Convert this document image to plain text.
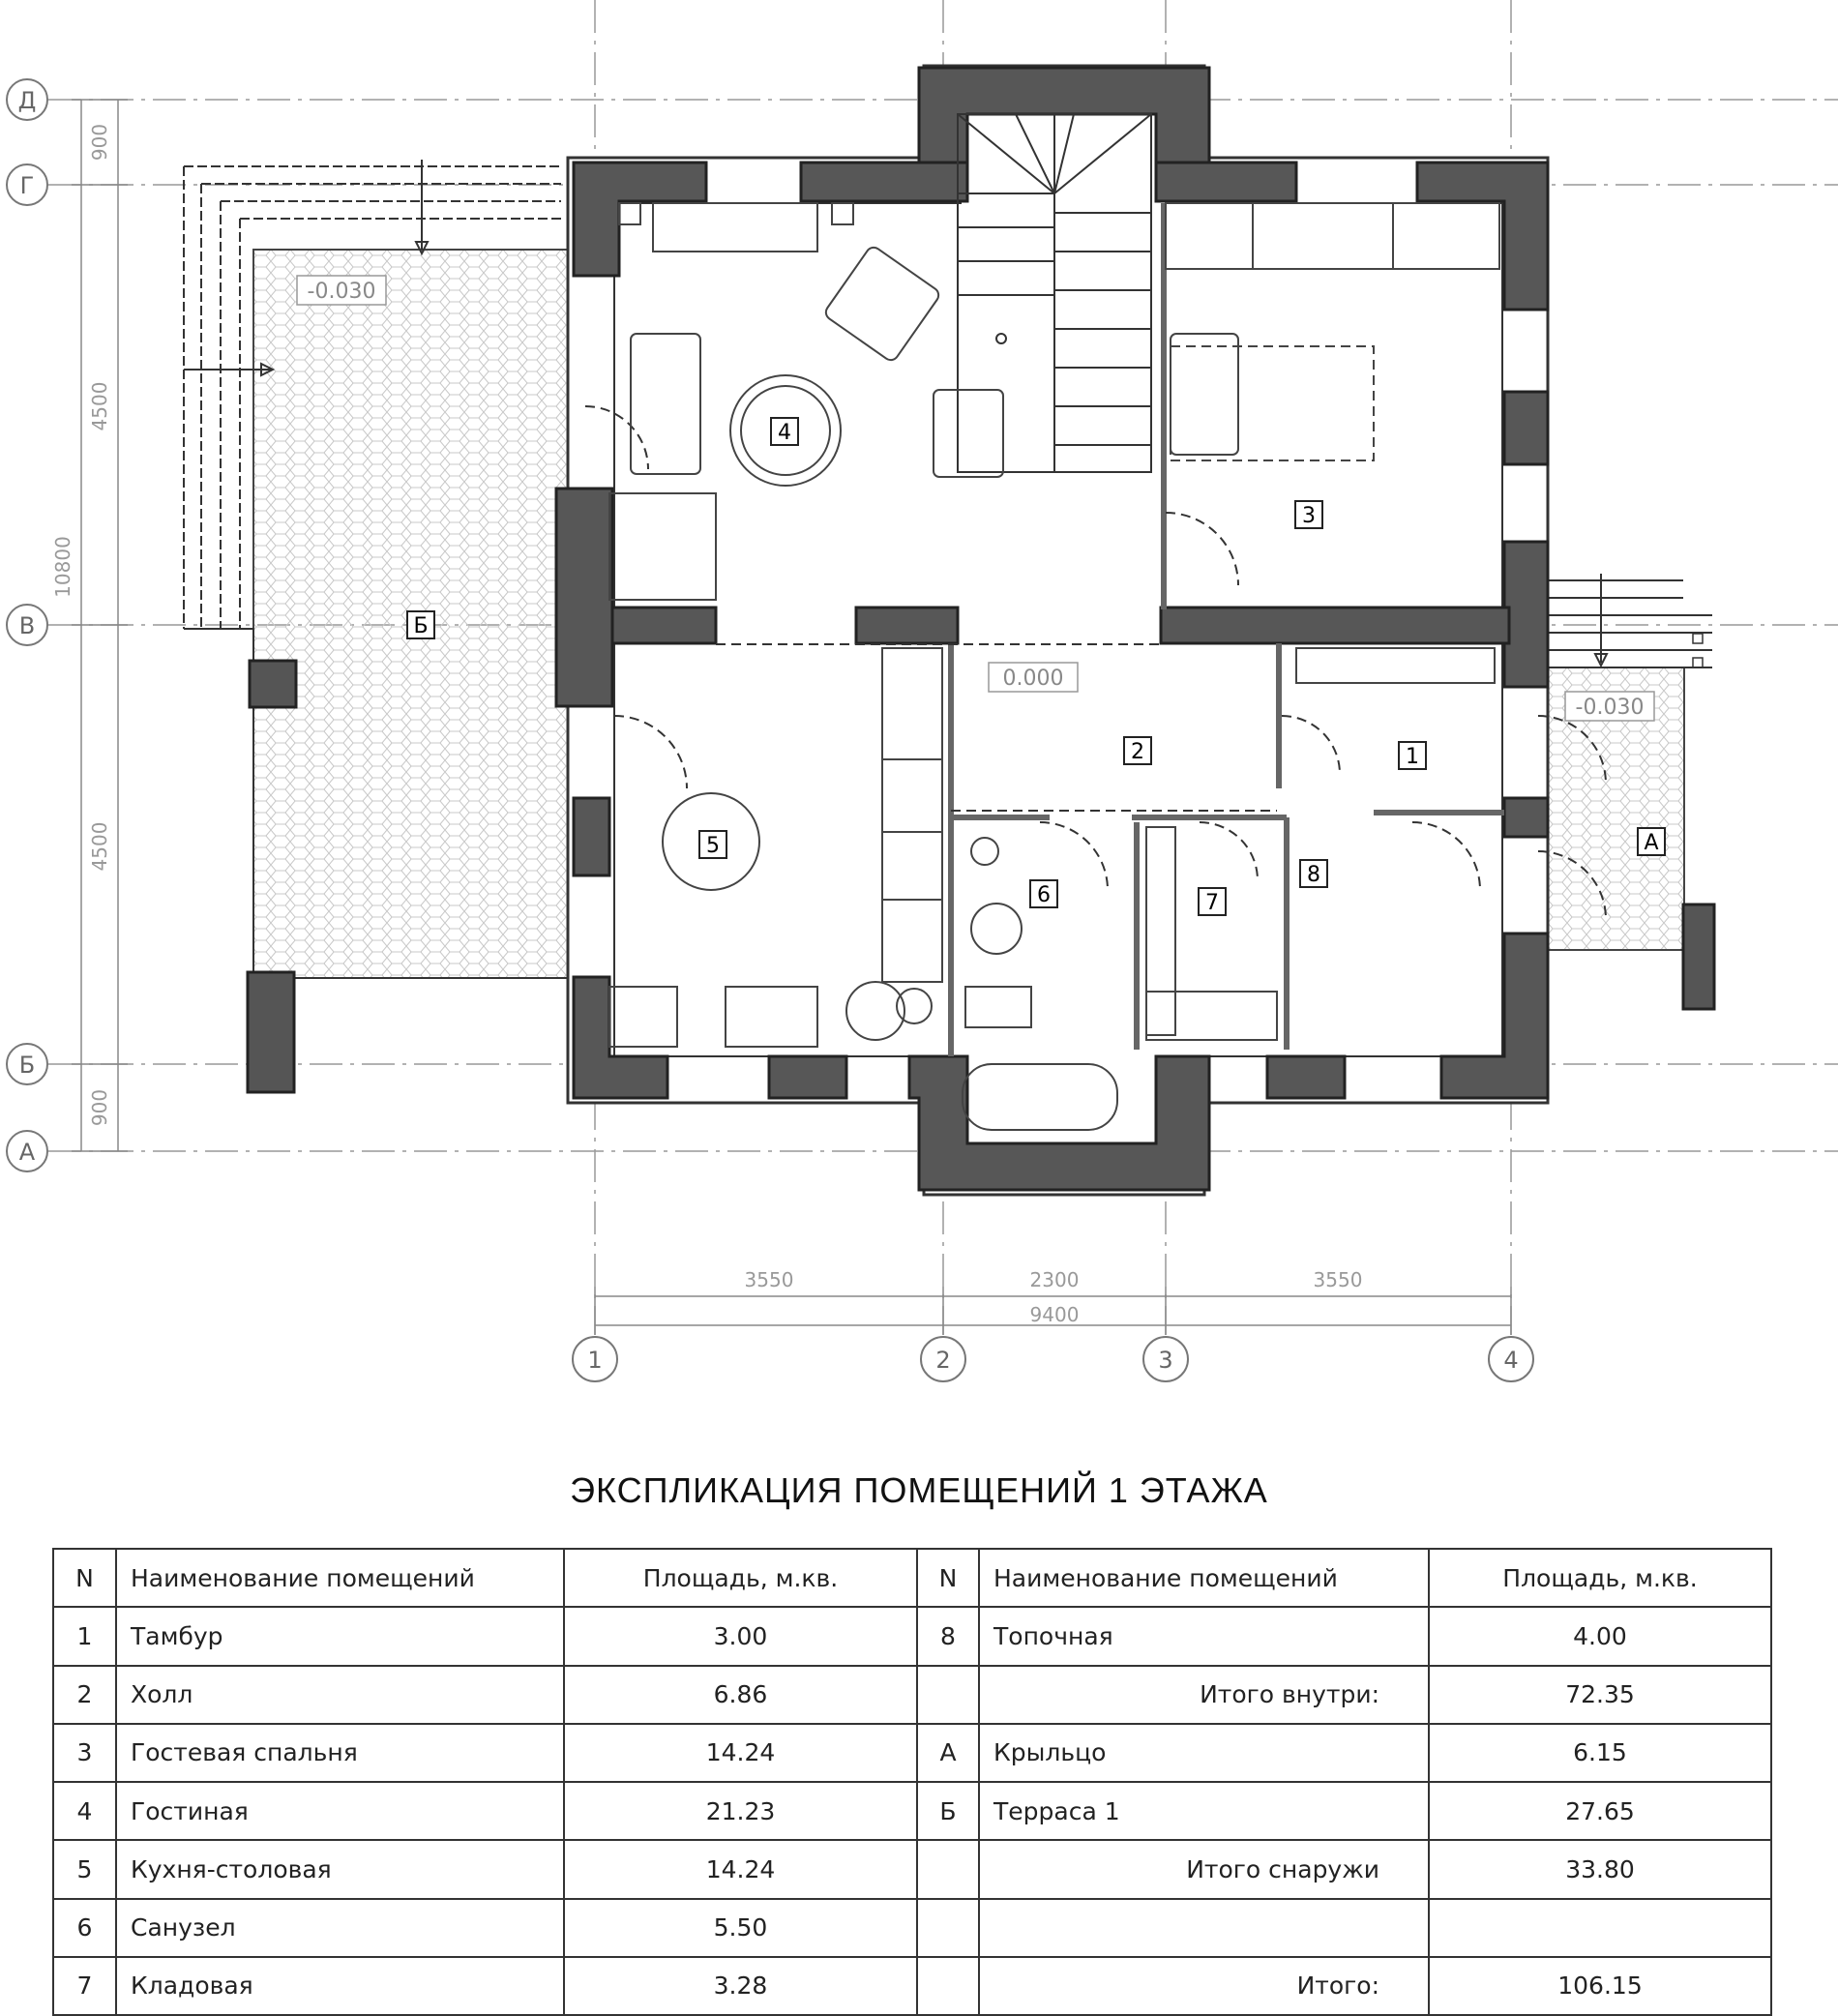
1
2
3
4
5
6	7
8
А
Б
-0.030
0.000
-0.030
Д
Г
В
Б
А
1	2	3	4
900
4500
4500
900
10800
3550	2300	3550
9400
ЭКСПЛИКАЦИЯ ПОМЕЩЕНИЙ 1 ЭТАЖА
N	Наименование помещений	Площадь, м.кв.	N	Наименование помещений	Площадь, м.кв.
1	Тамбур	3.00	8	Топочная	4.00
2	Холл	6.86		Итого внутри:	72.35
3	Гостевая спальня	14.24	А	Крыльцо	6.15
4	Гостиная	21.23	Б	Терраса 1	27.65
5	Кухня-столовая	14.24		Итого снаружи	33.80
6	Санузел	5.50			
7	Кладовая	3.28		Итого:	106.15
